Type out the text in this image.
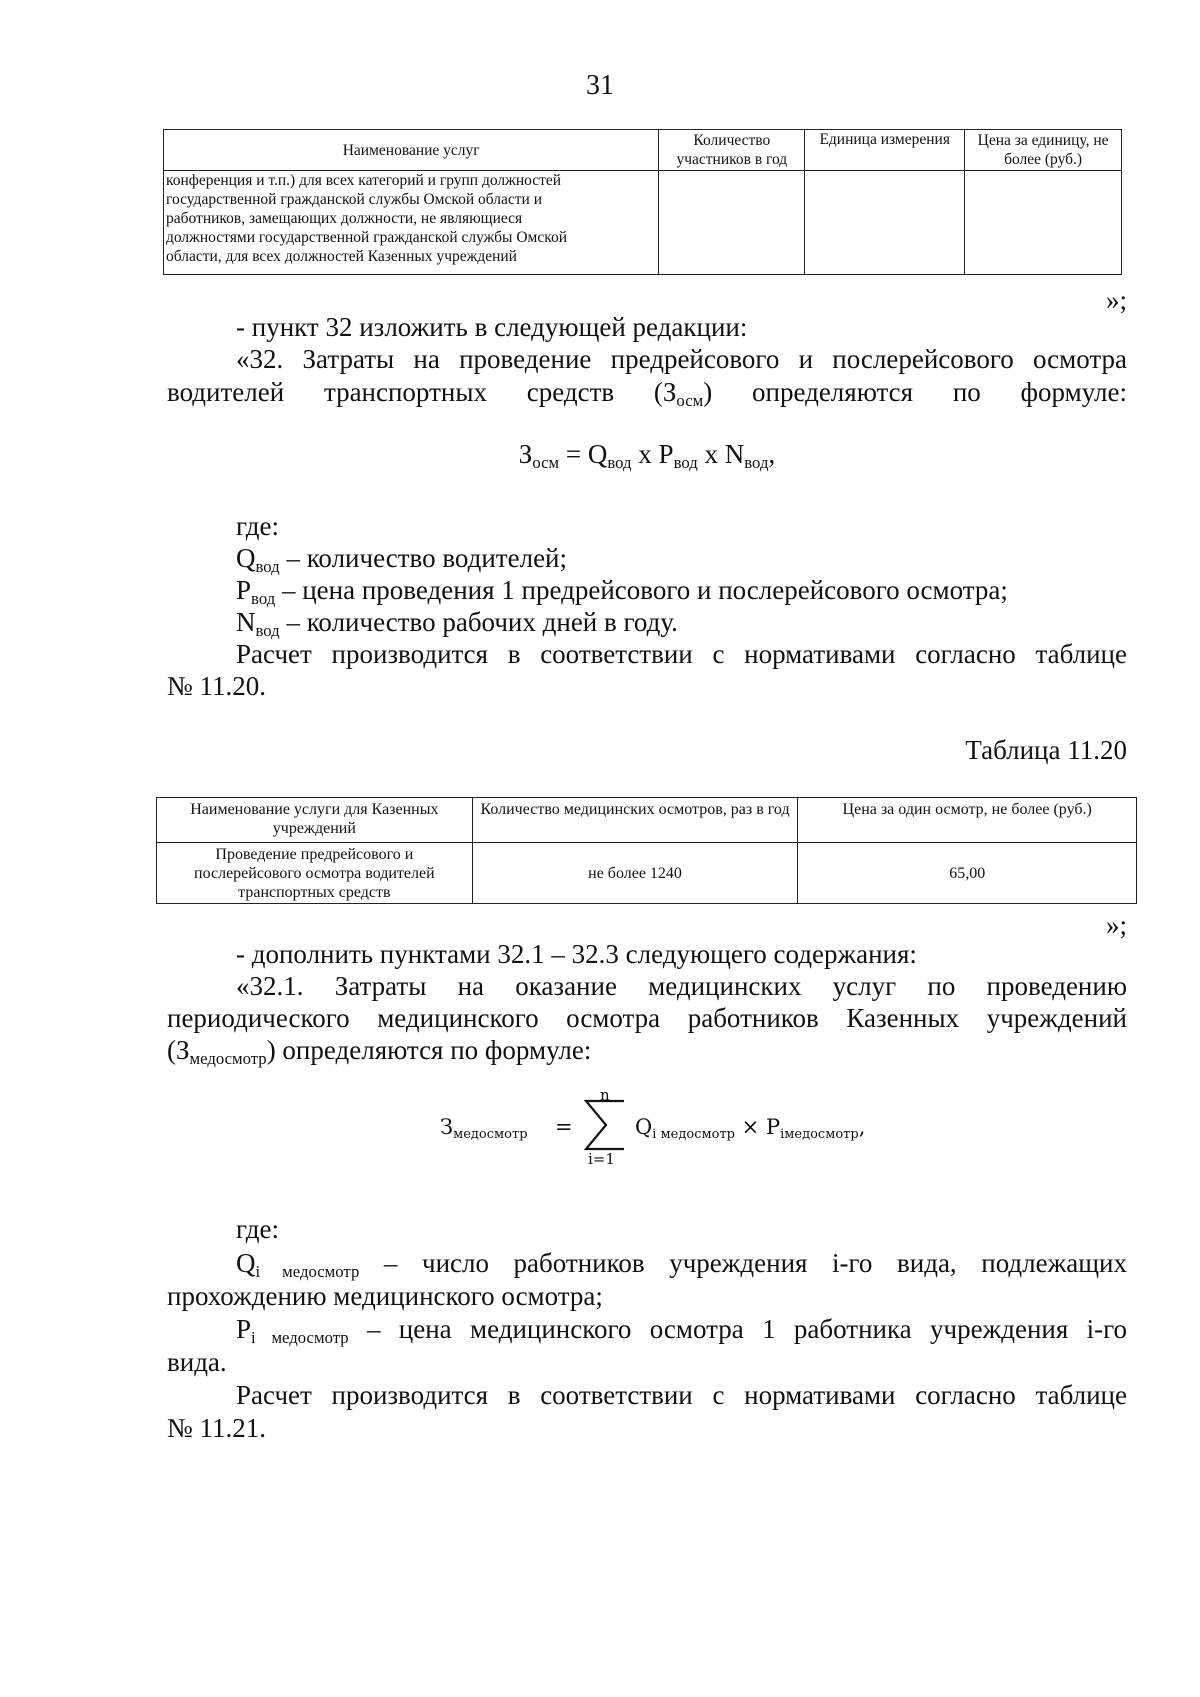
31
Наименование услуг	Количество участников в год	Единица измерения	Цена за единицу, не более (руб.)

конференция и т.п.) для всех категорий и групп должностей
государственной гражданской службы Омской области и
работников, замещающих должности, не являющиеся
должностями государственной гражданской службы Омской
области, для всех должностей Казенных учреждений			

»;
- пункт 32 изложить в следующей редакции:
«32. Затраты на проведение предрейсового и послерейсового осмотра
водителей транспортных средств $(З_{осм})$ определяются по формуле:
$З_{осм} = Q_{вод}$ x $P_{вод}$ x $N_{вод}$,
где:
$Q_{вод}$ – количество водителей;
$P_{вод}$ – цена проведения 1 предрейсового и послерейсового осмотра;
$N_{вод}$ – количество рабочих дней в году.
Расчет производится в соответствии с нормативами согласно таблице
№ 11.20.
Таблица 11.20
Наименование услуги для Казенных учреждений	Количество медицинских осмотров, раз в год	Цена за один осмотр, не более (руб.)
Проведение предрейсового и послерейсового осмотра водителей транспортных средств	не более 1240	65,00
»;
- дополнить пунктами 32.1 – 32.3 следующего содержания:
«32.1. Затраты на оказание медицинских услуг по проведению
периодического медицинского осмотра работников Казенных учреждений
$(З_{медосмотр})$ определяются по формуле:
$З_{медосмотр}$ =
n
i=1
$Q_{i медосмотр} \times P_{iмедосмотр}$,
где:
$Q_{i медосмотр}$ – число работников учреждения i-го вида, подлежащих
прохождению медицинского осмотра;
$P_{i медосмотр}$ – цена медицинского осмотра 1 работника учреждения i-го
вида.
Расчет производится в соответствии с нормативами согласно таблице
№ 11.21.
